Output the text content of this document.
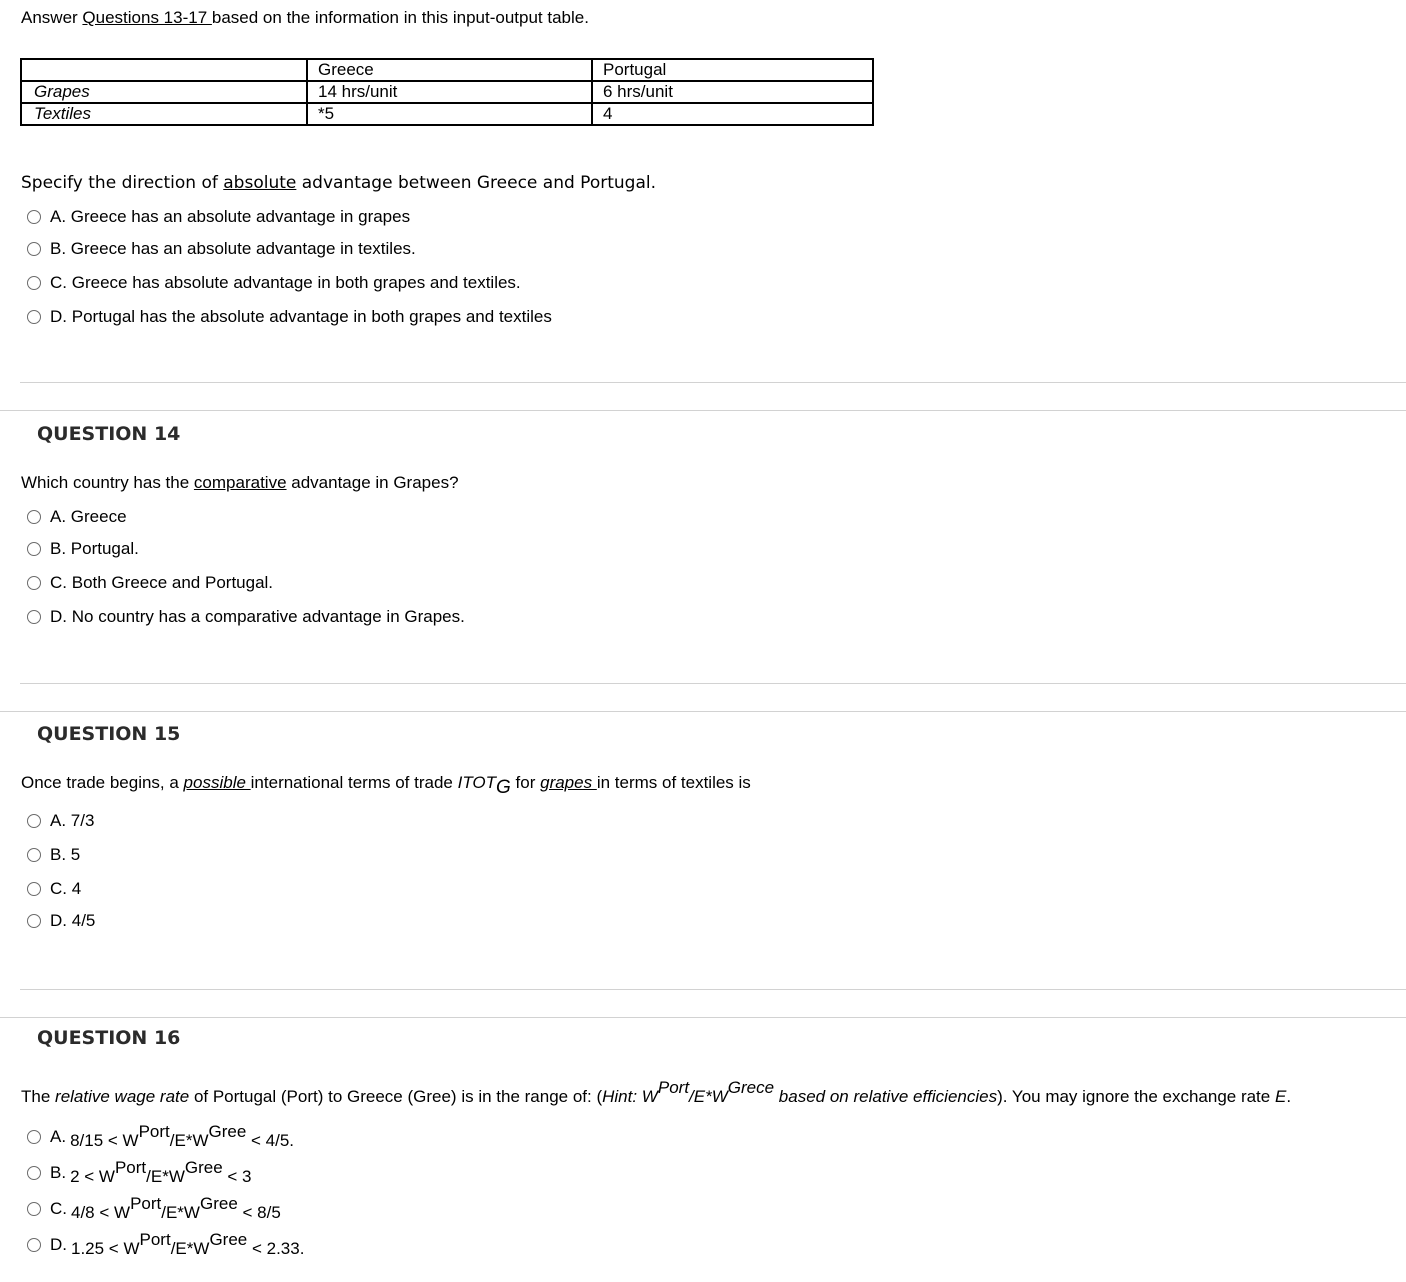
Answer Questions 13-17 based on the information in this input-output table.
	Greece	Portugal
Grapes	14 hrs/unit	6 hrs/unit
Textiles	*5	4
Specify the direction of absolute advantage between Greece and Portugal.
A.
Greece has an absolute advantage in grapes
B.
Greece has an absolute advantage in textiles.
C.
Greece has absolute advantage in both grapes and textiles.
D.
Portugal has the absolute advantage in both grapes and textiles
QUESTION 14
Which country has the comparative advantage in Grapes?
A.
Greece
B.
Portugal.
C.
Both Greece and Portugal.
D.
No country has a comparative advantage in Grapes.
QUESTION 15
Once trade begins, a possible international terms of trade $ITOT_G$ for grapes in terms of textiles is
A.
7/3
B.
5
C.
4
D.
4/5
QUESTION 16
The relative wage rate of Portugal (Port) to Greece (Gree) is in the range of: (Hint: $W^{Port}/E*W^{Grece}$ based on relative efficiencies). You may ignore the exchange rate E.
A. $8/15 < W^{Port}/E*W^{Gree} < 4/5$.
B. $2 < W^{Port}/E*W^{Gree} < 3$
C. $4/8 < W^{Port}/E*W^{Gree} < 8/5$
D. $1.25 < W^{Port}/E*W^{Gree} < 2.33$.
